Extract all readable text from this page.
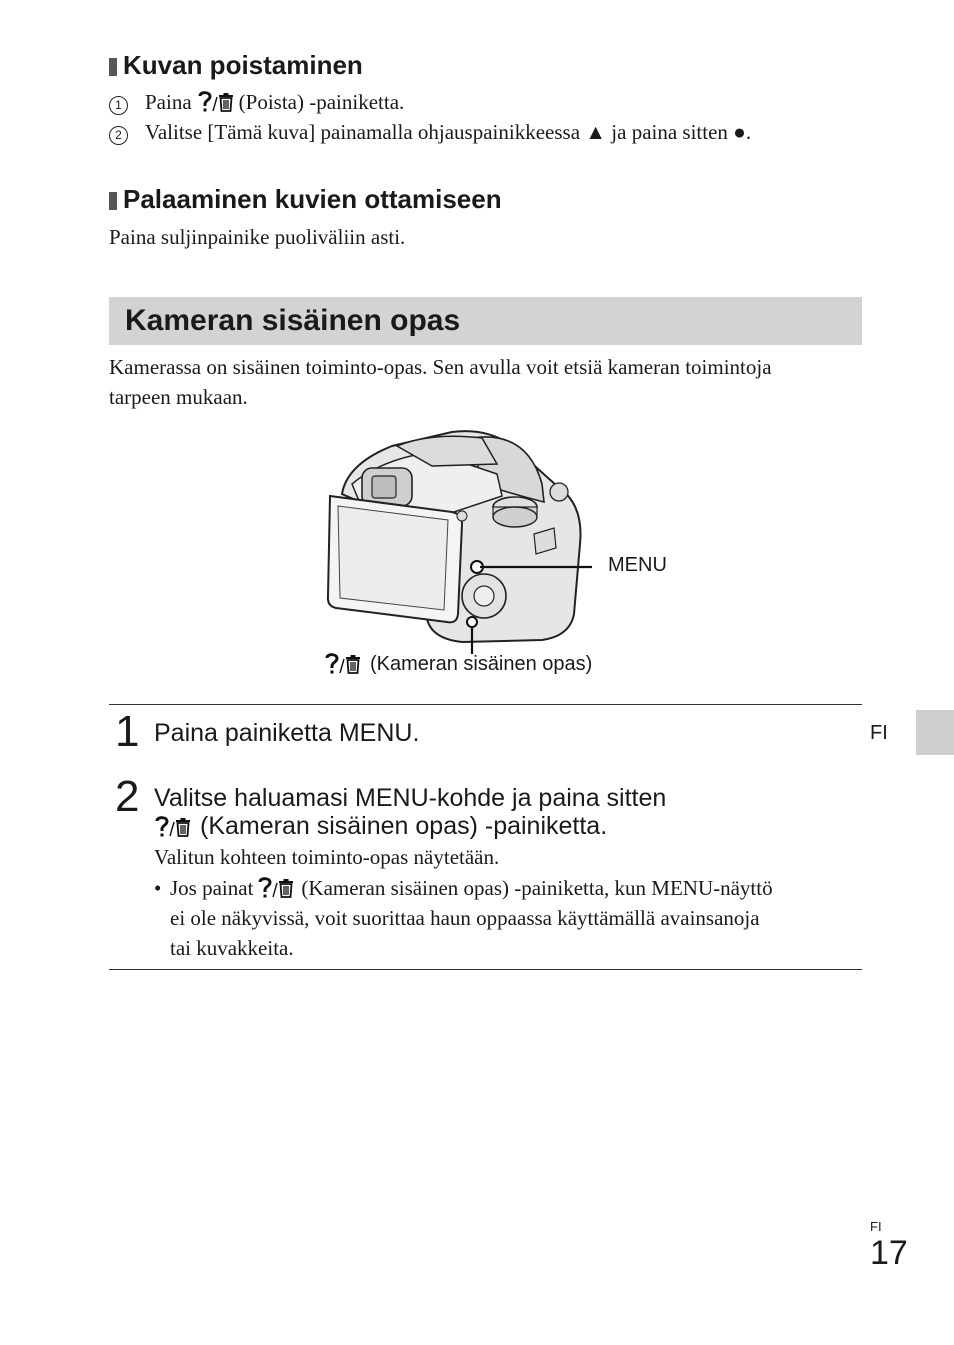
Kuvan poistaminen
1	Paina (Poista) -painiketta.
2	Valitse [Tämä kuva] painamalla ohjauspainikkeessa ▲ ja paina sitten ●.
Palaaminen kuvien ottamiseen
Paina suljinpainike puoliväliin asti.
Kameran sisäinen opas
Kamerassa on sisäinen toiminto-opas. Sen avulla voit etsiä kameran toimintoja
tarpeen mukaan.
MENU
(Kameran sisäinen opas)
1 Paina painiketta MENU.
2 Valitse haluamasi MENU-kohde ja paina sitten
(Kameran sisäinen opas) -painiketta.
Valitun kohteen toiminto-opas näytetään.
• Jos painat (Kameran sisäinen opas) -painiketta, kun MENU-näyttö
ei ole näkyvissä, voit suorittaa haun oppaassa käyttämällä avainsanoja
tai kuvakkeita.
FI
FI
17
